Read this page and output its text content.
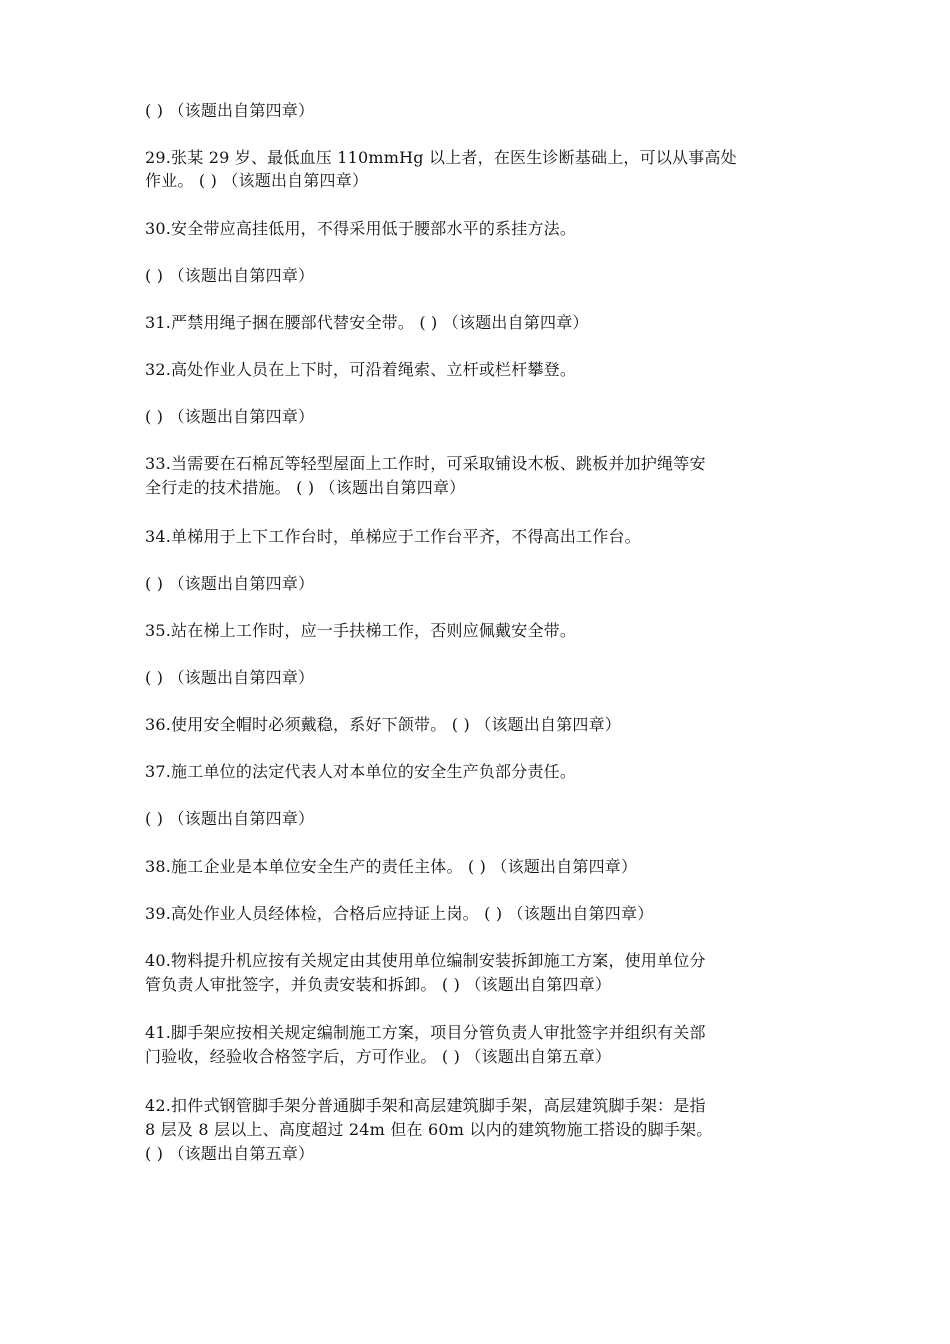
( ) （该题出自第四章）
29.张某 29 岁、最低血压 110mmHg 以上者，在医生诊断基础上，可以从事高处
作业。 ( ) （该题出自第四章）
30.安全带应高挂低用，不得采用低于腰部水平的系挂方法。
( ) （该题出自第四章）
31.严禁用绳子捆在腰部代替安全带。 ( ) （该题出自第四章）
32.高处作业人员在上下时，可沿着绳索、立杆或栏杆攀登。
( ) （该题出自第四章）
33.当需要在石棉瓦等轻型屋面上工作时，可采取铺设木板、跳板并加护绳等安
全行走的技术措施。 ( ) （该题出自第四章）
34.单梯用于上下工作台时，单梯应于工作台平齐，不得高出工作台。
( ) （该题出自第四章）
35.站在梯上工作时，应一手扶梯工作，否则应佩戴安全带。
( ) （该题出自第四章）
36.使用安全帽时必须戴稳，系好下颌带。 ( ) （该题出自第四章）
37.施工单位的法定代表人对本单位的安全生产负部分责任。
( ) （该题出自第四章）
38.施工企业是本单位安全生产的责任主体。 ( ) （该题出自第四章）
39.高处作业人员经体检，合格后应持证上岗。 ( ) （该题出自第四章）
40.物料提升机应按有关规定由其使用单位编制安装拆卸施工方案，使用单位分
管负责人审批签字，并负责安装和拆卸。 ( ) （该题出自第四章）
41.脚手架应按相关规定编制施工方案，项目分管负责人审批签字并组织有关部
门验收，经验收合格签字后，方可作业。 ( ) （该题出自第五章）
42.扣件式钢管脚手架分普通脚手架和高层建筑脚手架，高层建筑脚手架：是指
8 层及 8 层以上、高度超过 24m 但在 60m 以内的建筑物施工搭设的脚手架。
( ) （该题出自第五章）
